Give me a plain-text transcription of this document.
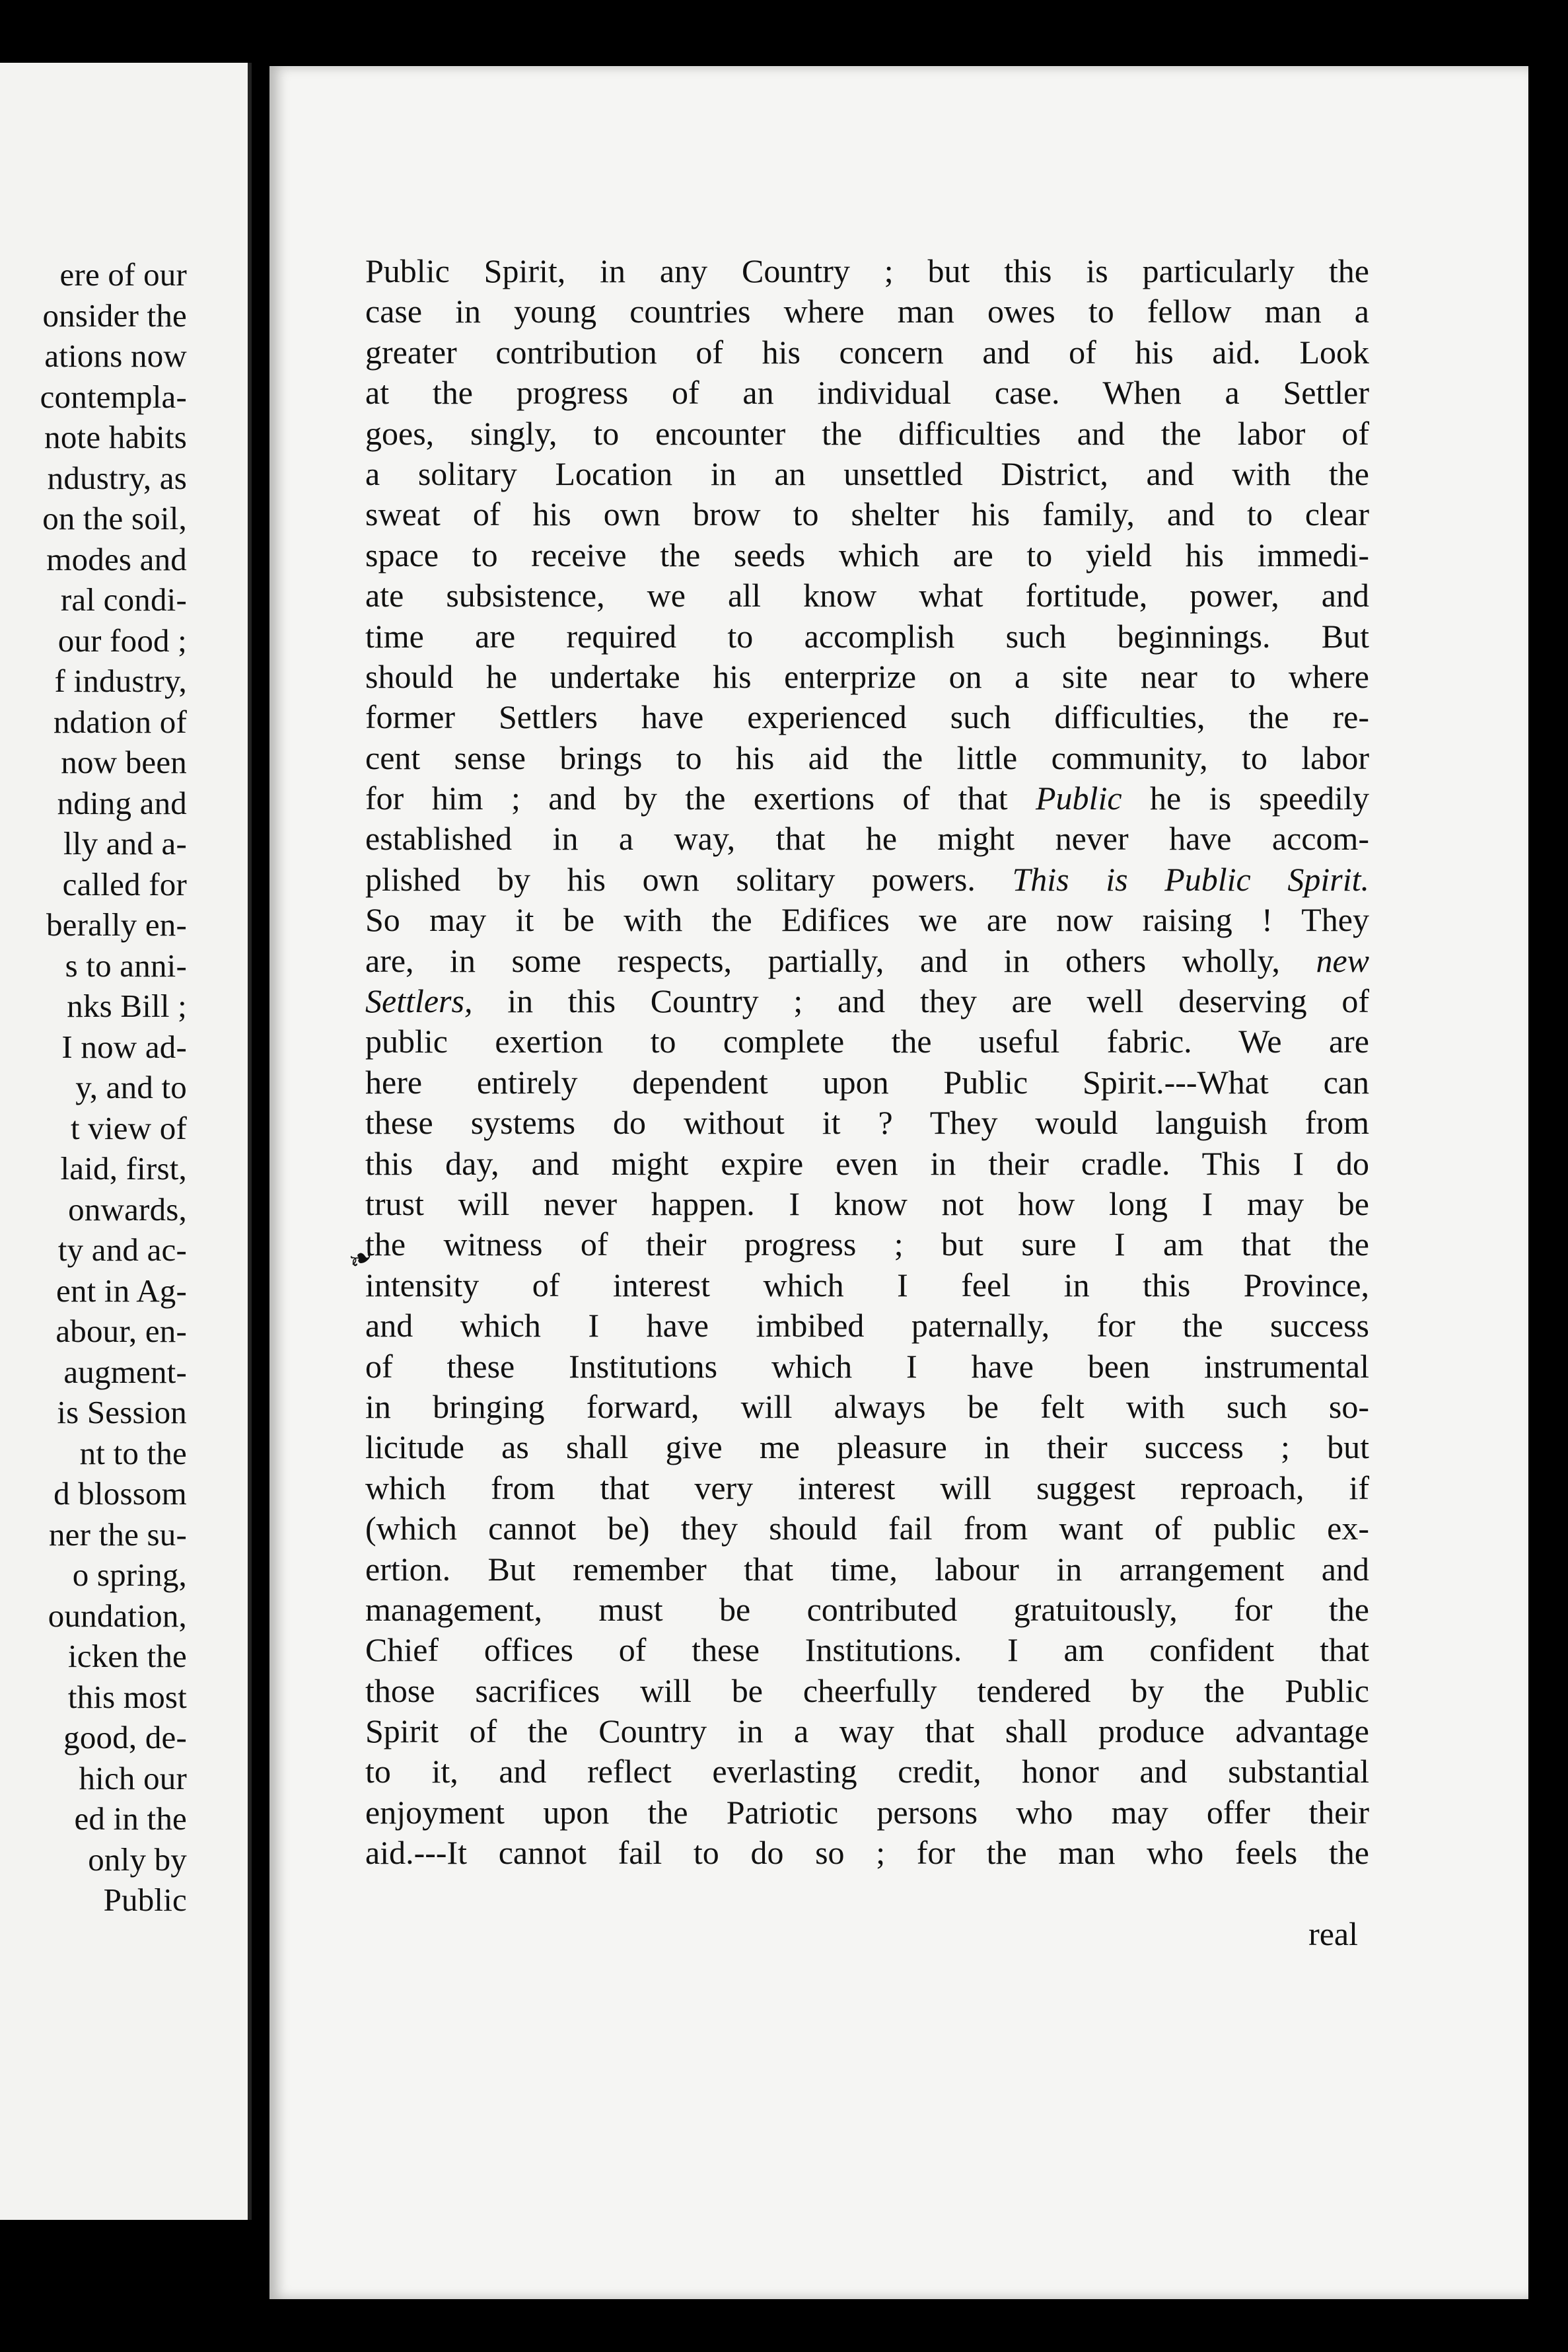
ere of our
onsider the
ations now
contempla-
note habits
ndustry, as
on the soil,
modes and
ral condi-
our food ;
f industry,
ndation of
now been
nding and
lly and a-
called for
berally en-
s to anni-
nks Bill ;
I now ad-
y, and to
t view of
laid, first,
onwards,
ty and ac-
ent in Ag-
abour, en-
augment-
is Session
nt to the
d blossom
ner the su-
o spring,
oundation,
icken the
this most
good, de-
hich our
ed in the
only by
Public
Public Spirit, in any Country ; but this is particularly the
case in young countries where man owes to fellow man a
greater contribution of his concern and of his aid. Look
at the progress of an individual case. When a Settler
goes, singly, to encounter the difficulties and the labor of
a solitary Location in an unsettled District, and with the
sweat of his own brow to shelter his family, and to clear
space to receive the seeds which are to yield his immedi-
ate subsistence, we all know what fortitude, power, and
time are required to accomplish such beginnings. But
should he undertake his enterprize on a site near to where
former Settlers have experienced such difficulties, the re-
cent sense brings to his aid the little community, to labor
for him ; and by the exertions of that Public he is speedily
established in a way, that he might never have accom-
plished by his own solitary powers. This is Public Spirit.
So may it be with the Edifices we are now raising ! They
are, in some respects, partially, and in others wholly, new
Settlers, in this Country ; and they are well deserving of
public exertion to complete the useful fabric. We are
here entirely dependent upon Public Spirit.---What can
these systems do without it ? They would languish from
this day, and might expire even in their cradle. This I do
trust will never happen. I know not how long I may be
the witness of their progress ; but sure I am that the
intensity of interest which I feel in this Province,
and which I have imbibed paternally, for the success
of these Institutions which I have been instrumental
in bringing forward, will always be felt with such so-
licitude as shall give me pleasure in their success ; but
which from that very interest will suggest reproach, if
(which cannot be) they should fail from want of public ex-
ertion. But remember that time, labour in arrangement and
management, must be contributed gratuitously, for the
Chief offices of these Institutions. I am confident that
those sacrifices will be cheerfully tendered by the Public
Spirit of the Country in a way that shall produce advantage
to it, and reflect everlasting credit, honor and substantial
enjoyment upon the Patriotic persons who may offer their
aid.---It cannot fail to do so ; for the man who feels the
real
❧
